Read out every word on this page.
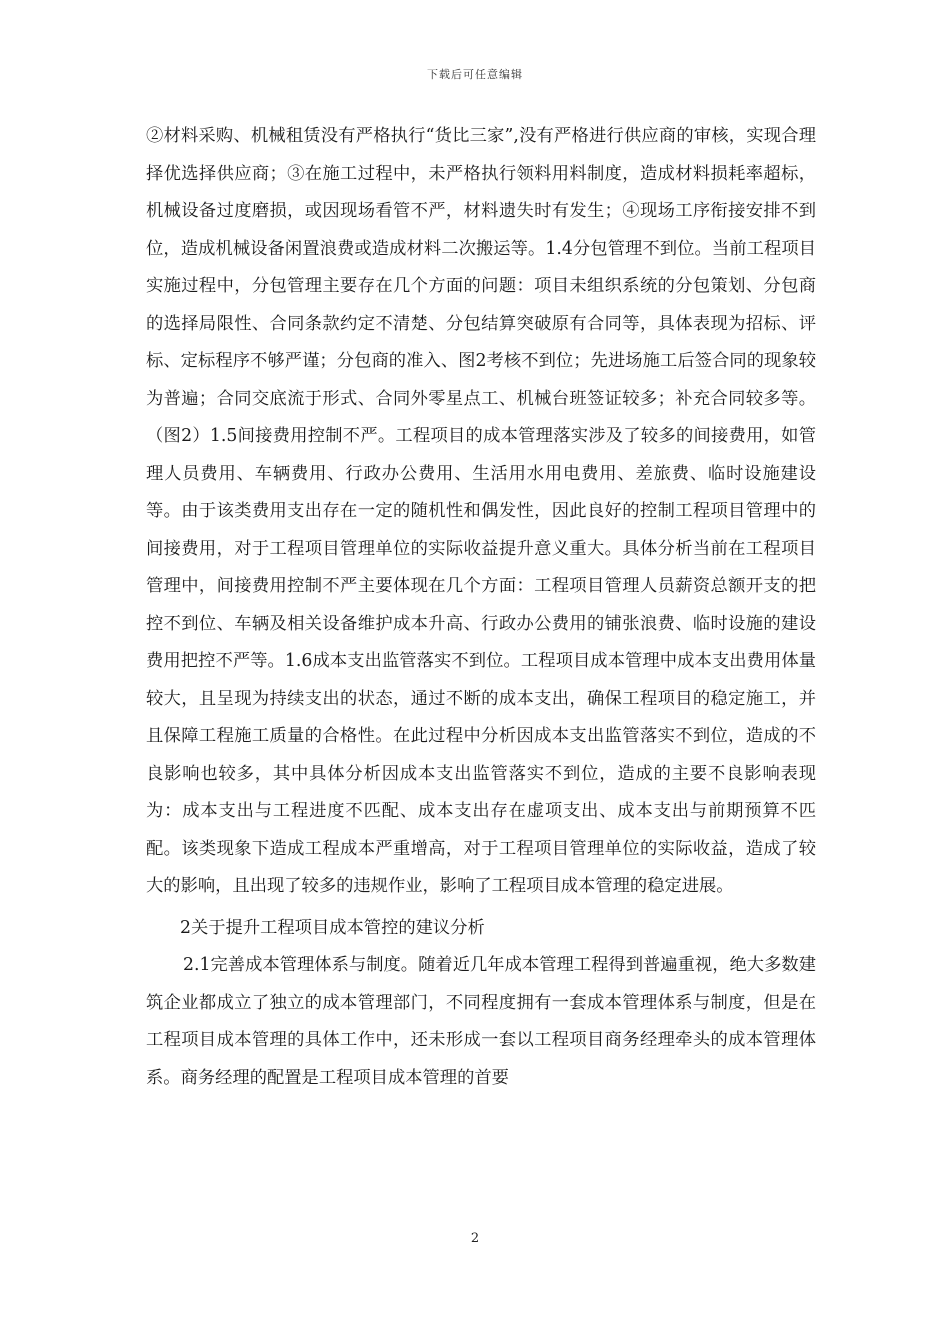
下载后可任意编辑

②材料采购、机械租赁没有严格执行“货比三家”,没有严格进行供应商的审核，实现合理择优选择供应商；③在施工过程中，未严格执行领料用料制度，造成材料损耗率超标，机械设备过度磨损，或因现场看管不严，材料遗失时有发生；④现场工序衔接安排不到位，造成机械设备闲置浪费或造成材料二次搬运等。1.4分包管理不到位。当前工程项目实施过程中，分包管理主要存在几个方面的问题：项目未组织系统的分包策划、分包商的选择局限性、合同条款约定不清楚、分包结算突破原有合同等，具体表现为招标、评标、定标程序不够严谨；分包商的准入、图2考核不到位；先进场施工后签合同的现象较为普遍；合同交底流于形式、合同外零星点工、机械台班签证较多；补充合同较多等。（图2）1.5间接费用控制不严。工程项目的成本管理落实涉及了较多的间接费用，如管理人员费用、车辆费用、行政办公费用、生活用水用电费用、差旅费、临时设施建设等。由于该类费用支出存在一定的随机性和偶发性，因此良好的控制工程项目管理中的间接费用，对于工程项目管理单位的实际收益提升意义重大。具体分析当前在工程项目管理中，间接费用控制不严主要体现在几个方面：工程项目管理人员薪资总额开支的把控不到位、车辆及相关设备维护成本升高、行政办公费用的铺张浪费、临时设施的建设费用把控不严等。1.6成本支出监管落实不到位。工程项目成本管理中成本支出费用体量较大，且呈现为持续支出的状态，通过不断的成本支出，确保工程项目的稳定施工，并且保障工程施工质量的合格性。在此过程中分析因成本支出监管落实不到位，造成的不良影响也较多，其中具体分析因成本支出监管落实不到位，造成的主要不良影响表现为：成本支出与工程进度不匹配、成本支出存在虚项支出、成本支出与前期预算不匹配。该类现象下造成工程成本严重增高，对于工程项目管理单位的实际收益，造成了较大的影响，且出现了较多的违规作业，影响了工程项目成本管理的稳定进展。

2关于提升工程项目成本管控的建议分析

2.1完善成本管理体系与制度。随着近几年成本管理工程得到普遍重视，绝大多数建筑企业都成立了独立的成本管理部门，不同程度拥有一套成本管理体系与制度，但是在工程项目成本管理的具体工作中，还未形成一套以工程项目商务经理牵头的成本管理体系。商务经理的配置是工程项目成本管理的首要

2
